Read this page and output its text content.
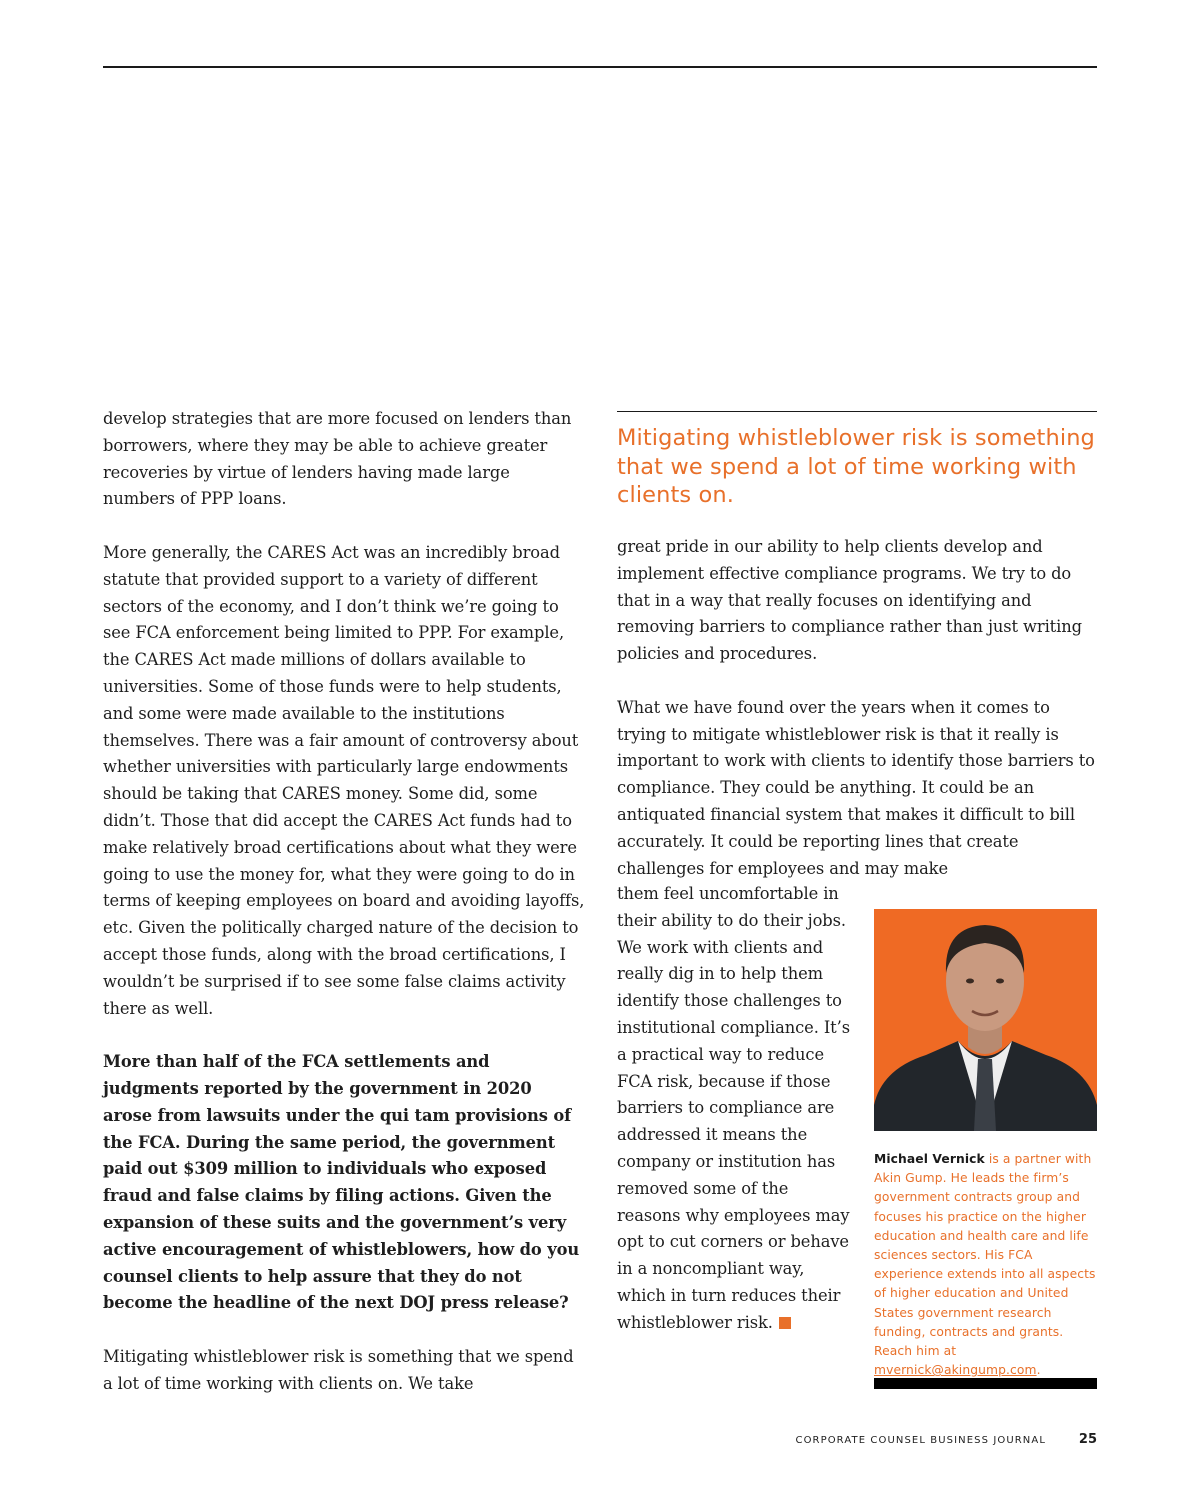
develop strategies that are more focused on lenders than borrowers, where they may be able to achieve greater recoveries by virtue of lenders having made large numbers of PPP loans.

More generally, the CARES Act was an incredibly broad statute that provided support to a variety of different sectors of the economy, and I don’t think we’re going to see FCA enforcement being limited to PPP. For example, the CARES Act made millions of dollars available to universities. Some of those funds were to help students, and some were made available to the institutions themselves. There was a fair amount of controversy about whether universities with particularly large endowments should be taking that CARES money. Some did, some didn’t. Those that did accept the CARES Act funds had to make relatively broad certifications about what they were going to use the money for, what they were going to do in terms of keeping employees on board and avoiding layoffs, etc. Given the politically charged nature of the decision to accept those funds, along with the broad certifications, I wouldn’t be surprised if to see some false claims activity there as well.

More than half of the FCA settlements and judgments reported by the government in 2020 arose from lawsuits under the qui tam provisions of the FCA. During the same period, the government paid out $309 million to individuals who exposed fraud and false claims by filing actions. Given the expansion of these suits and the government’s very active encouragement of whistleblowers, how do you counsel clients to help assure that they do not become the headline of the next DOJ press release?

Mitigating whistleblower risk is something that we spend a lot of time working with clients on. We take

Mitigating whistleblower risk is something that we spend a lot of time working with clients on.

great pride in our ability to help clients develop and implement effective compliance programs. We try to do that in a way that really focuses on identifying and removing barriers to compliance rather than just writing policies and procedures.

What we have found over the years when it comes to trying to mitigate whistleblower risk is that it really is important to work with clients to identify those barriers to compliance. They could be anything. It could be an antiquated financial system that makes it difficult to bill accurately. It could be reporting lines that create challenges for employees and may make

them feel uncomfortable in their ability to do their jobs. We work with clients and really dig in to help them identify those challenges to institutional compliance. It’s a practical way to reduce FCA risk, because if those barriers to compliance are addressed it means the company or institution has removed some of the reasons why employees may opt to cut corners or behave in a noncompliant way, which in turn reduces their whistleblower risk.

Michael Vernick is a partner with Akin Gump. He leads the firm’s government contracts group and focuses his practice on the higher education and health care and life sciences sectors. His FCA experience extends into all aspects of higher education and United States government research funding, contracts and grants. Reach him at mvernick@akingump.com.
CORPORATE COUNSEL BUSINESS JOURNAL	25
